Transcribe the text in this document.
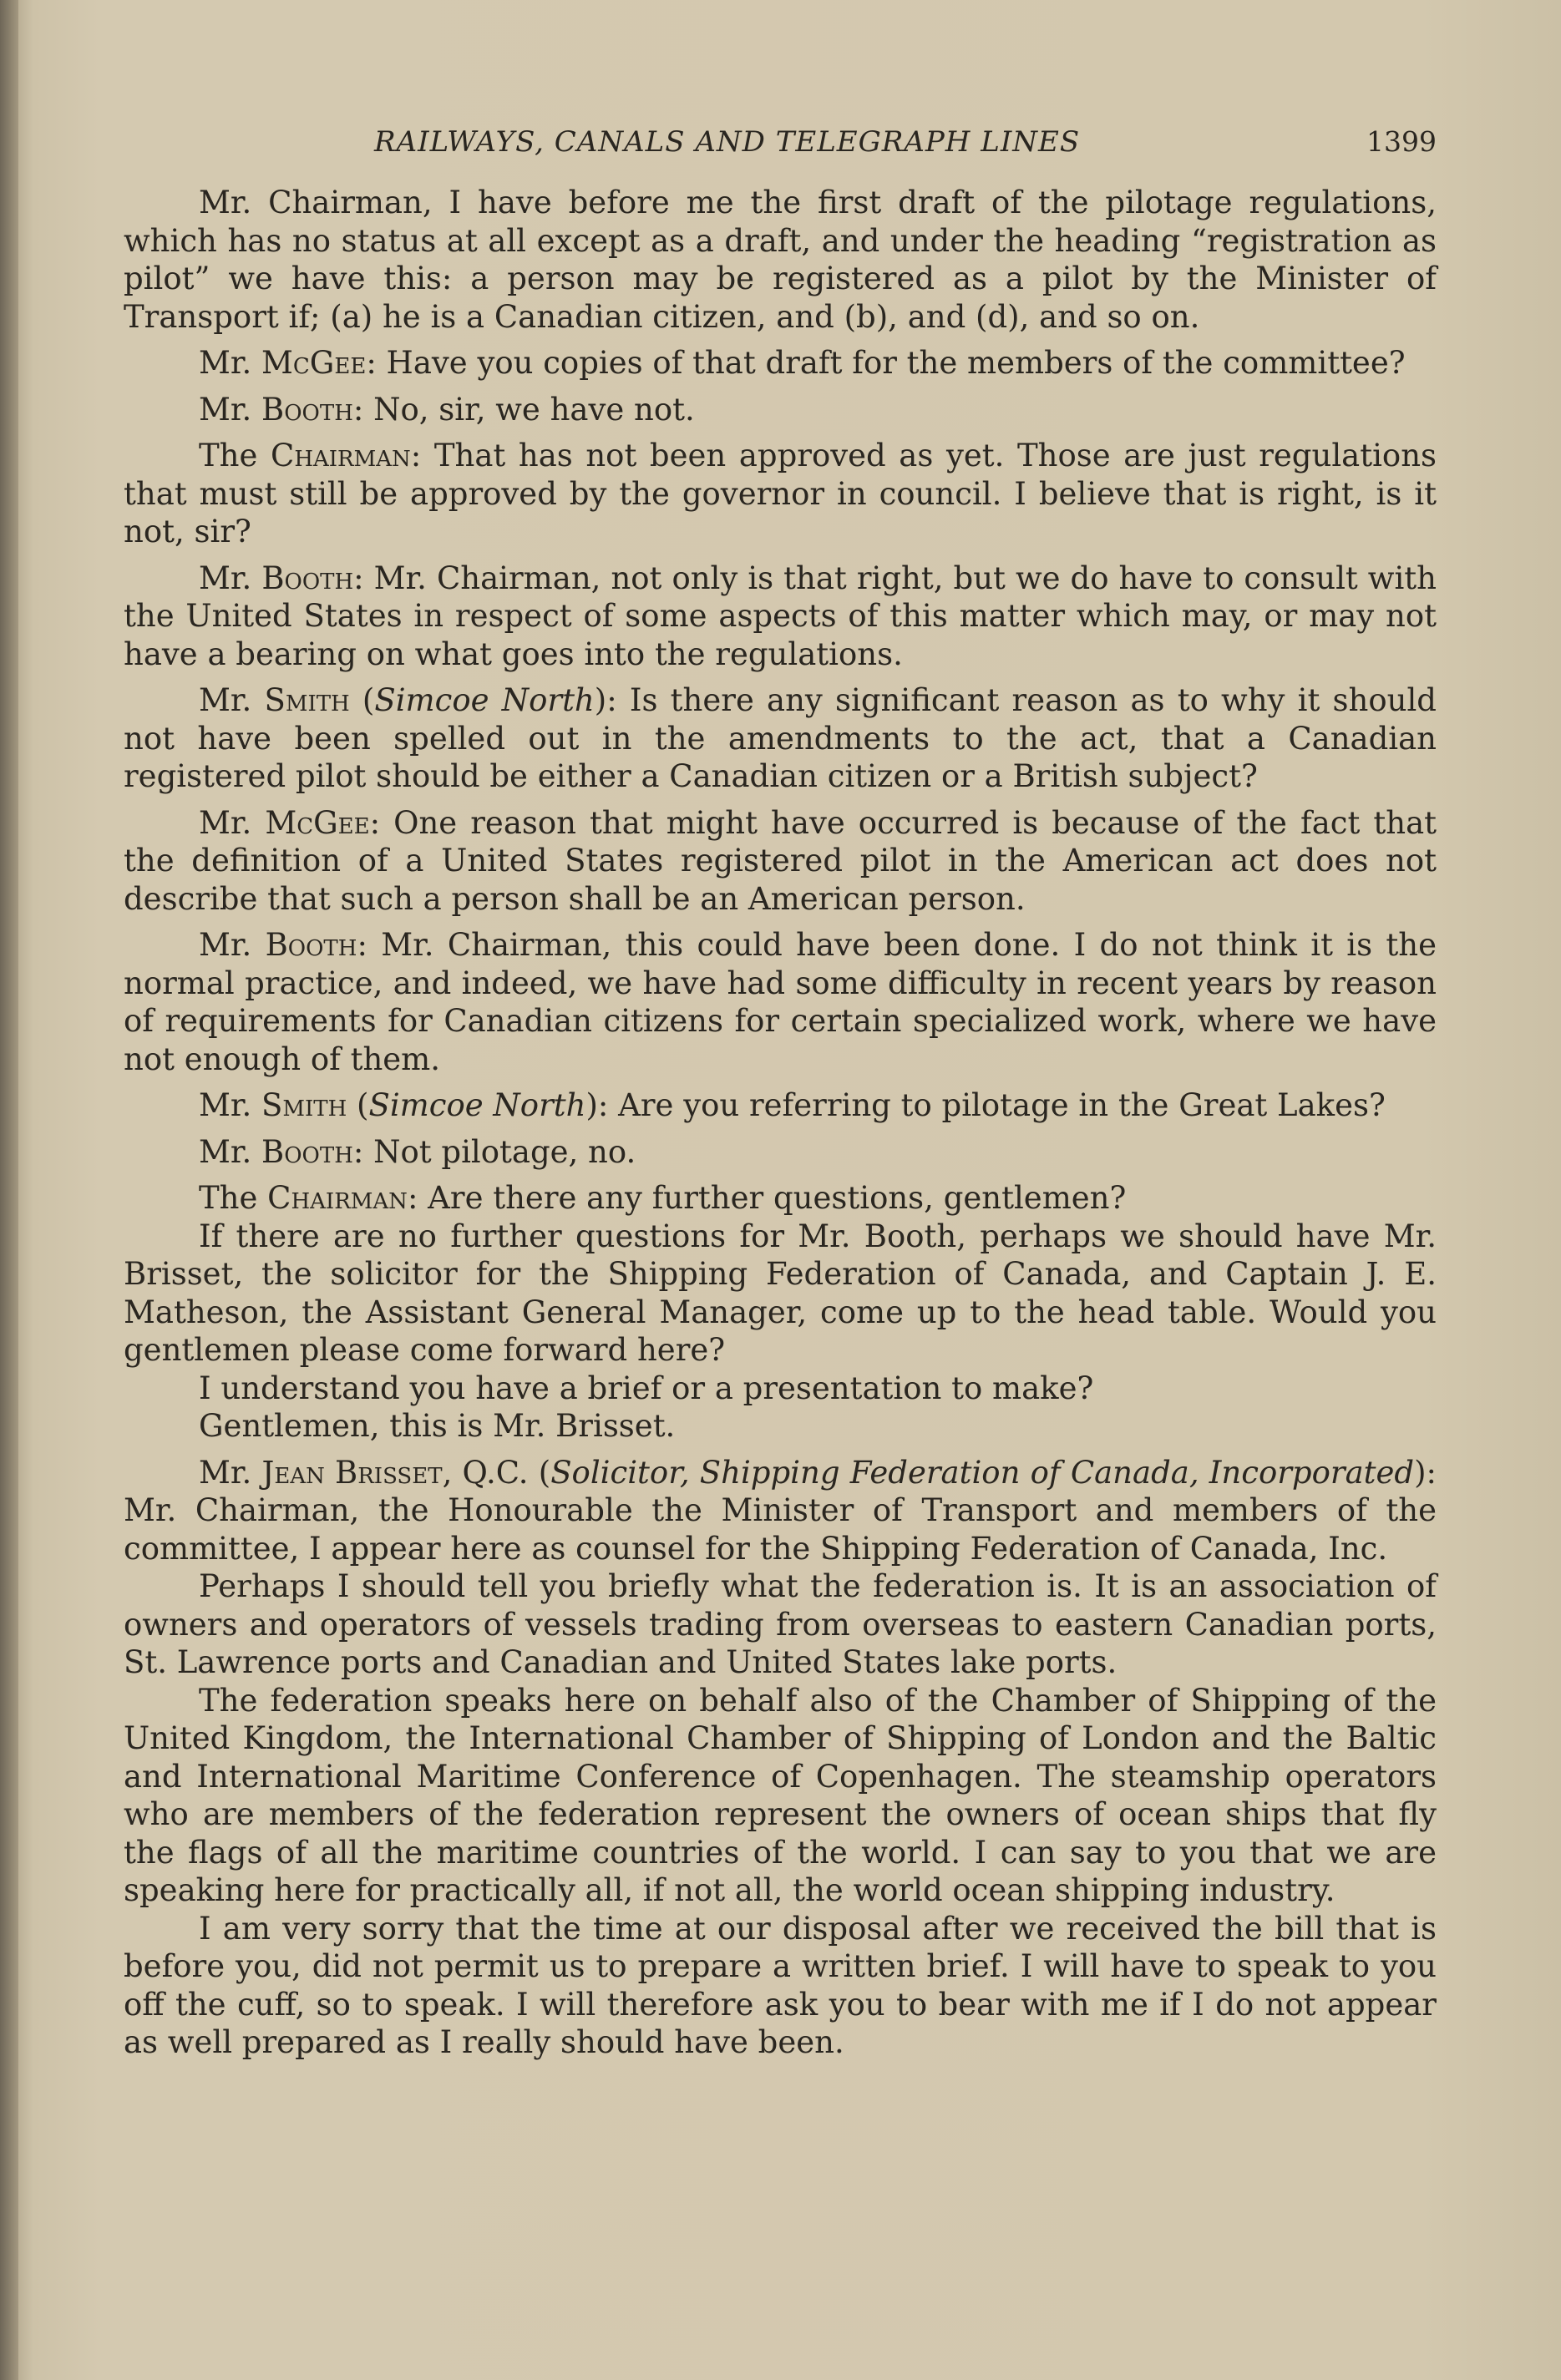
RAILWAYS, CANALS AND TELEGRAPH LINES	1399

Mr. Chairman, I have before me the first draft of the pilotage regulations, which has no status at all except as a draft, and under the heading “registration as pilot” we have this: a person may be registered as a pilot by the Minister of Transport if; (a) he is a Canadian citizen, and (b), and (d), and so on.

Mr. McGee: Have you copies of that draft for the members of the committee?

Mr. Booth: No, sir, we have not.

The Chairman: That has not been approved as yet. Those are just regulations that must still be approved by the governor in council. I believe that is right, is it not, sir?

Mr. Booth: Mr. Chairman, not only is that right, but we do have to consult with the United States in respect of some aspects of this matter which may, or may not have a bearing on what goes into the regulations.

Mr. Smith (Simcoe North): Is there any significant reason as to why it should not have been spelled out in the amendments to the act, that a Canadian registered pilot should be either a Canadian citizen or a British subject?

Mr. McGee: One reason that might have occurred is because of the fact that the definition of a United States registered pilot in the American act does not describe that such a person shall be an American person.

Mr. Booth: Mr. Chairman, this could have been done. I do not think it is the normal practice, and indeed, we have had some difficulty in recent years by reason of requirements for Canadian citizens for certain specialized work, where we have not enough of them.

Mr. Smith (Simcoe North): Are you referring to pilotage in the Great Lakes?

Mr. Booth: Not pilotage, no.

The Chairman: Are there any further questions, gentlemen?

If there are no further questions for Mr. Booth, perhaps we should have Mr. Brisset, the solicitor for the Shipping Federation of Canada, and Captain J. E. Matheson, the Assistant General Manager, come up to the head table. Would you gentlemen please come forward here?

I understand you have a brief or a presentation to make?

Gentlemen, this is Mr. Brisset.

Mr. Jean Brisset, Q.C. (Solicitor, Shipping Federation of Canada, Incorporated): Mr. Chairman, the Honourable the Minister of Transport and members of the committee, I appear here as counsel for the Shipping Federation of Canada, Inc.

Perhaps I should tell you briefly what the federation is. It is an association of owners and operators of vessels trading from overseas to eastern Canadian ports, St. Lawrence ports and Canadian and United States lake ports.

The federation speaks here on behalf also of the Chamber of Shipping of the United Kingdom, the International Chamber of Shipping of London and the Baltic and International Maritime Conference of Copenhagen. The steamship operators who are members of the federation represent the owners of ocean ships that fly the flags of all the maritime countries of the world. I can say to you that we are speaking here for practically all, if not all, the world ocean shipping industry.

I am very sorry that the time at our disposal after we received the bill that is before you, did not permit us to prepare a written brief. I will have to speak to you off the cuff, so to speak. I will therefore ask you to bear with me if I do not appear as well prepared as I really should have been.
